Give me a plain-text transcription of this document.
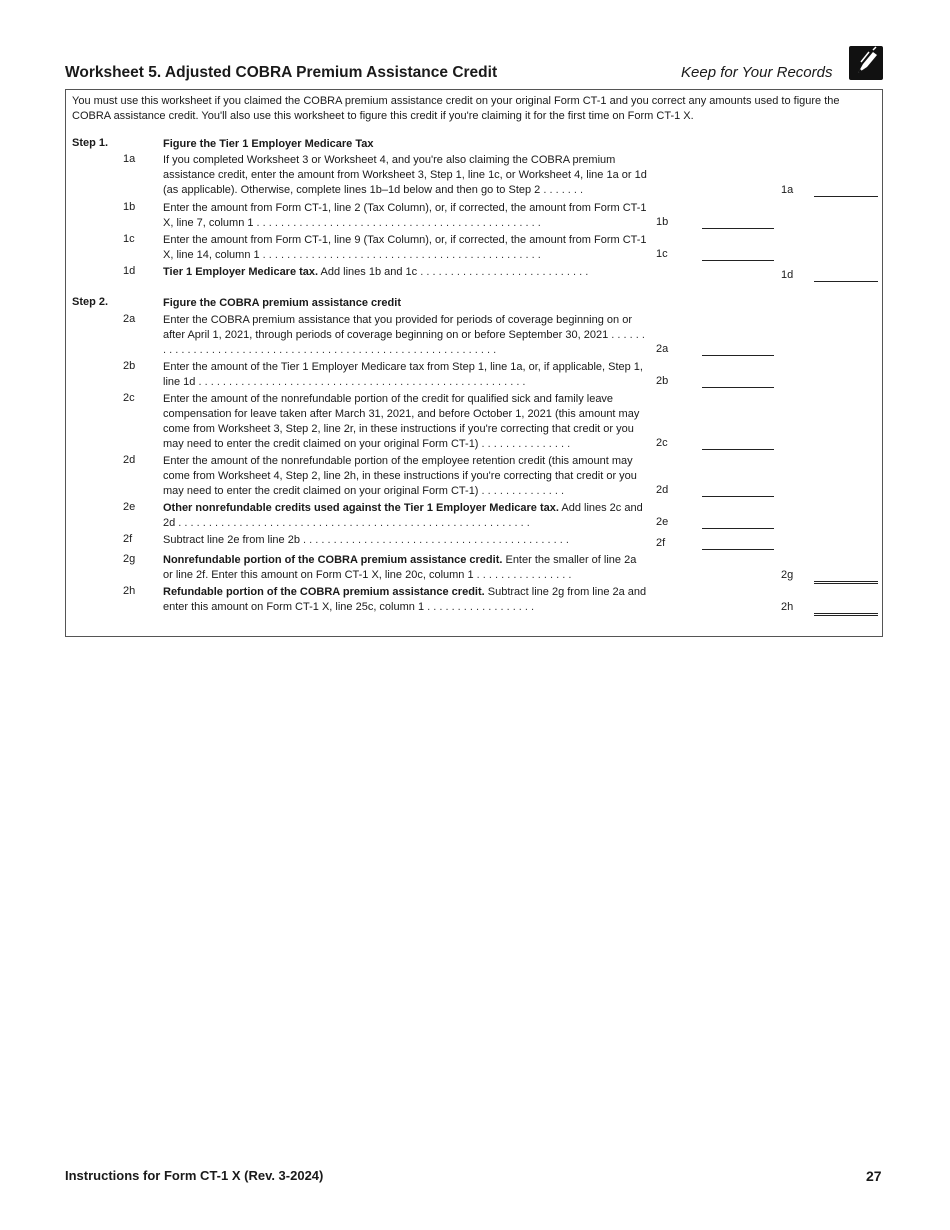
Worksheet 5. Adjusted COBRA Premium Assistance Credit	Keep for Your Records
You must use this worksheet if you claimed the COBRA premium assistance credit on your original Form CT-1 and you correct any amounts used to figure the COBRA assistance credit. You'll also use this worksheet to figure this credit if you're claiming it for the first time on Form CT-1 X.
Step 1.	Figure the Tier 1 Employer Medicare Tax
1a	If you completed Worksheet 3 or Worksheet 4, and you're also claiming the COBRA premium assistance credit, enter the amount from Worksheet 3, Step 1, line 1c, or Worksheet 4, line 1a or 1d (as applicable). Otherwise, complete lines 1b–1d below and then go to Step 2 . . . . . . .	1a
1b	Enter the amount from Form CT-1, line 2 (Tax Column), or, if corrected, the amount from Form CT-1 X, line 7, column 1 . . . . . . . . . . . . . . . . . . . . . . . . . . . . . . . . . . . . . . . . . . . . . . .	1b
1c	Enter the amount from Form CT-1, line 9 (Tax Column), or, if corrected, the amount from Form CT-1 X, line 14, column 1 . . . . . . . . . . . . . . . . . . . . . . . . . . . . . . . . . . . . . . . . . . . . . .	1c
1d	Tier 1 Employer Medicare tax. Add lines 1b and 1c . . . . . . . . . . . . . . . . . . . . . . . . . . . .	1d
Step 2.	Figure the COBRA premium assistance credit
2a	Enter the COBRA premium assistance that you provided for periods of coverage beginning on or after April 1, 2021, through periods of coverage beginning on or before September 30, 2021 . . . . . . . . . . . . . . . . . . . . . . . . . . . . . . . . . . . . . . . . . . . . . . . . . . . . . . . . . . . . .	2a
2b	Enter the amount of the Tier 1 Employer Medicare tax from Step 1, line 1a, or, if applicable, Step 1, line 1d . . . . . . . . . . . . . . . . . . . . . . . . . . . . . . . . . . . . . . . . . . . . . . . . . . . . . .	2b
2c	Enter the amount of the nonrefundable portion of the credit for qualified sick and family leave compensation for leave taken after March 31, 2021, and before October 1, 2021 (this amount may come from Worksheet 3, Step 2, line 2r, in these instructions if you're correcting that credit or you may need to enter the credit claimed on your original Form CT-1) . . . . . . . . . . . . . . .	2c
2d	Enter the amount of the nonrefundable portion of the employee retention credit (this amount may come from Worksheet 4, Step 2, line 2h, in these instructions if you're correcting that credit or you may need to enter the credit claimed on your original Form CT-1) . . . . . . . . . . . . . .	2d
2e	Other nonrefundable credits used against the Tier 1 Employer Medicare tax. Add lines 2c and 2d . . . . . . . . . . . . . . . . . . . . . . . . . . . . . . . . . . . . . . . . . . . . . . . . . . . . . . . . . .	2e
2f	Subtract line 2e from line 2b . . . . . . . . . . . . . . . . . . . . . . . . . . . . . . . . . . . . . . . . . . . .	2f
2g	Nonrefundable portion of the COBRA premium assistance credit. Enter the smaller of line 2a or line 2f. Enter this amount on Form CT-1 X, line 20c, column 1 . . . . . . . . . . . . . . . .	2g
2h	Refundable portion of the COBRA premium assistance credit. Subtract line 2g from line 2a and enter this amount on Form CT-1 X, line 25c, column 1 . . . . . . . . . . . . . . . . . .	2h
Instructions for Form CT-1 X (Rev. 3-2024)	27
